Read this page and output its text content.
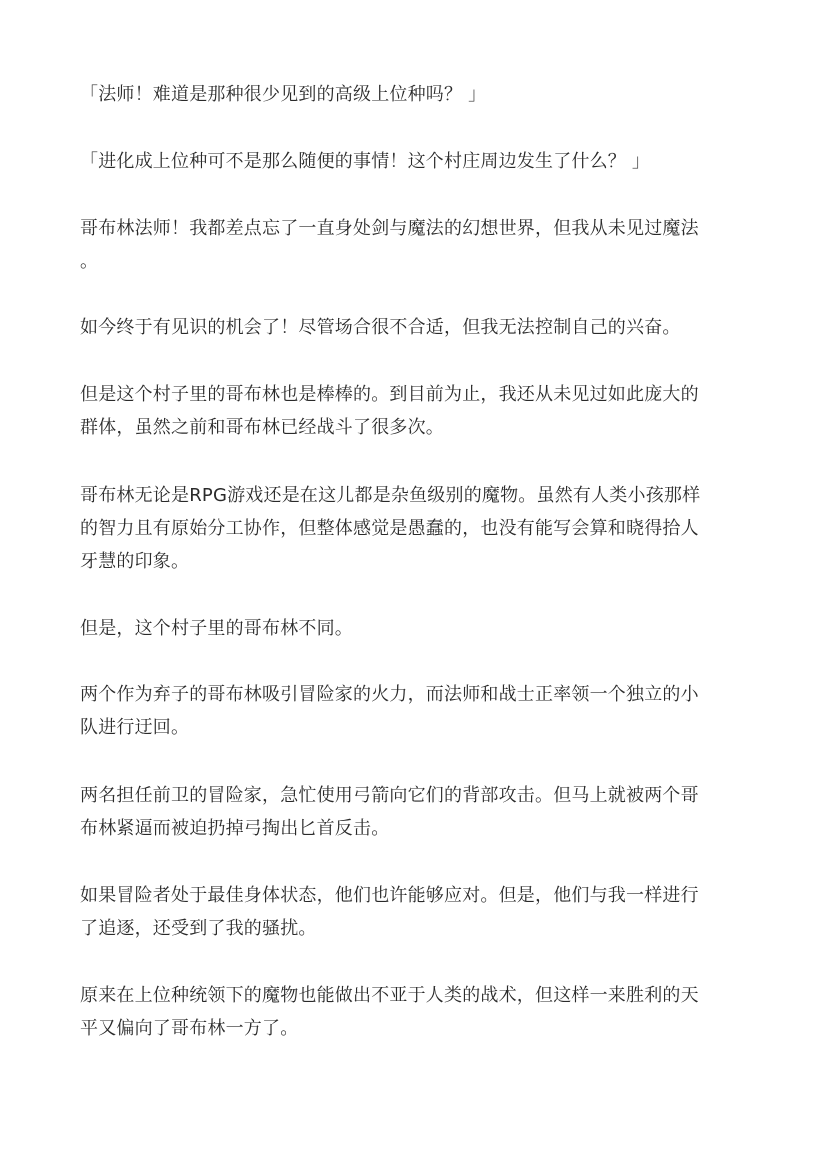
「法师！难道是那种很少见到的高级上位种吗？ 」

「进化成上位种可不是那么随便的事情！这个村庄周边发生了什么？ 」

哥布林法师！我都差点忘了一直身处剑与魔法的幻想世界，但我从未见过魔法
。

如今终于有见识的机会了！尽管场合很不合适，但我无法控制自己的兴奋。

但是这个村子里的哥布林也是棒棒的。到目前为止，我还从未见过如此庞大的
群体，虽然之前和哥布林已经战斗了很多次。

哥布林无论是RPG游戏还是在这儿都是杂鱼级别的魔物。虽然有人类小孩那样
的智力且有原始分工协作，但整体感觉是愚蠢的，也没有能写会算和晓得拾人
牙慧的印象。

但是，这个村子里的哥布林不同。

两个作为弃子的哥布林吸引冒险家的火力，而法师和战士正率领一个独立的小
队进行迂回。

两名担任前卫的冒险家，急忙使用弓箭向它们的背部攻击。但马上就被两个哥
布林紧逼而被迫扔掉弓掏出匕首反击。

如果冒险者处于最佳身体状态，他们也许能够应对。但是，他们与我一样进行
了追逐，还受到了我的骚扰。

原来在上位种统领下的魔物也能做出不亚于人类的战术，但这样一来胜利的天
平又偏向了哥布林一方了。
